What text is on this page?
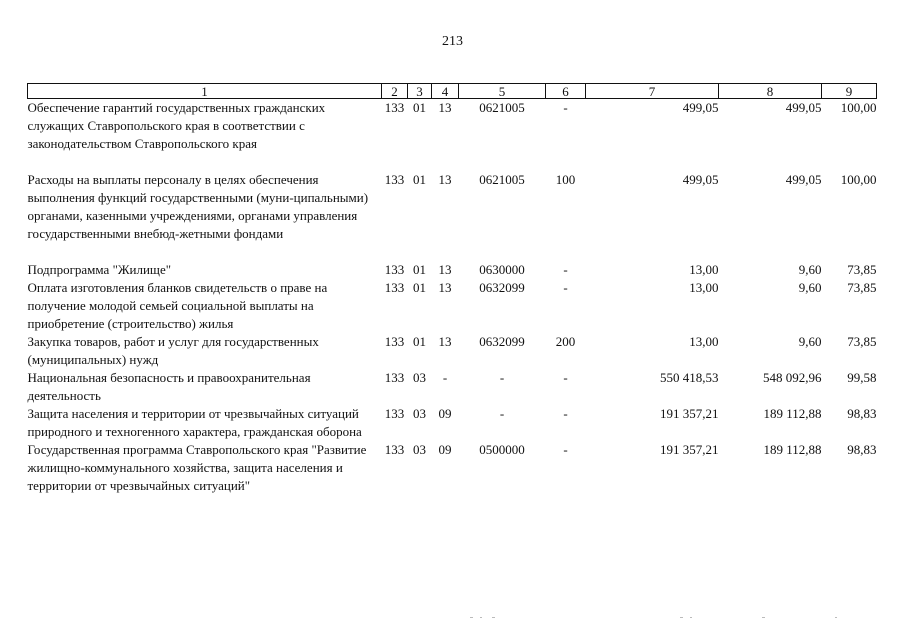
213
1	2	3	4	5	6	7	8	9
Обеспечение гарантий государственных гражданских служащих Ставропольского края в соответствии с законодательством Ставропольского края	133	01	13	0621005	-	499,05	499,05	100,00

Расходы на выплаты персоналу в целях обеспечения выполнения функций государственными (муни-ципальными) органами, казенными учреждениями, органами управления государственными внебюд-жетными фондами	133	01	13	0621005	100	499,05	499,05	100,00

Подпрограмма "Жилище"	133	01	13	0630000	-	13,00	9,60	73,85
Оплата изготовления бланков свидетельств о праве на получение молодой семьей социальной выплаты на приобретение (строительство) жилья	133	01	13	0632099	-	13,00	9,60	73,85
Закупка товаров, работ и услуг для государственных (муниципальных) нужд	133	01	13	0632099	200	13,00	9,60	73,85
Национальная безопасность и правоохранительная деятельность	133	03	-	-	-	550 418,53	548 092,96	99,58
Защита населения и территории от чрезвычайных ситуаций природного и техногенного характера, гражданская оборона	133	03	09	-	-	191 357,21	189 112,88	98,83
Государственная программа Ставропольского края "Развитие жилищно-коммунального хозяйства, защита населения и территории от чрезвычайных ситуаций"	133	03	09	0500000	-	191 357,21	189 112,88	98,83
